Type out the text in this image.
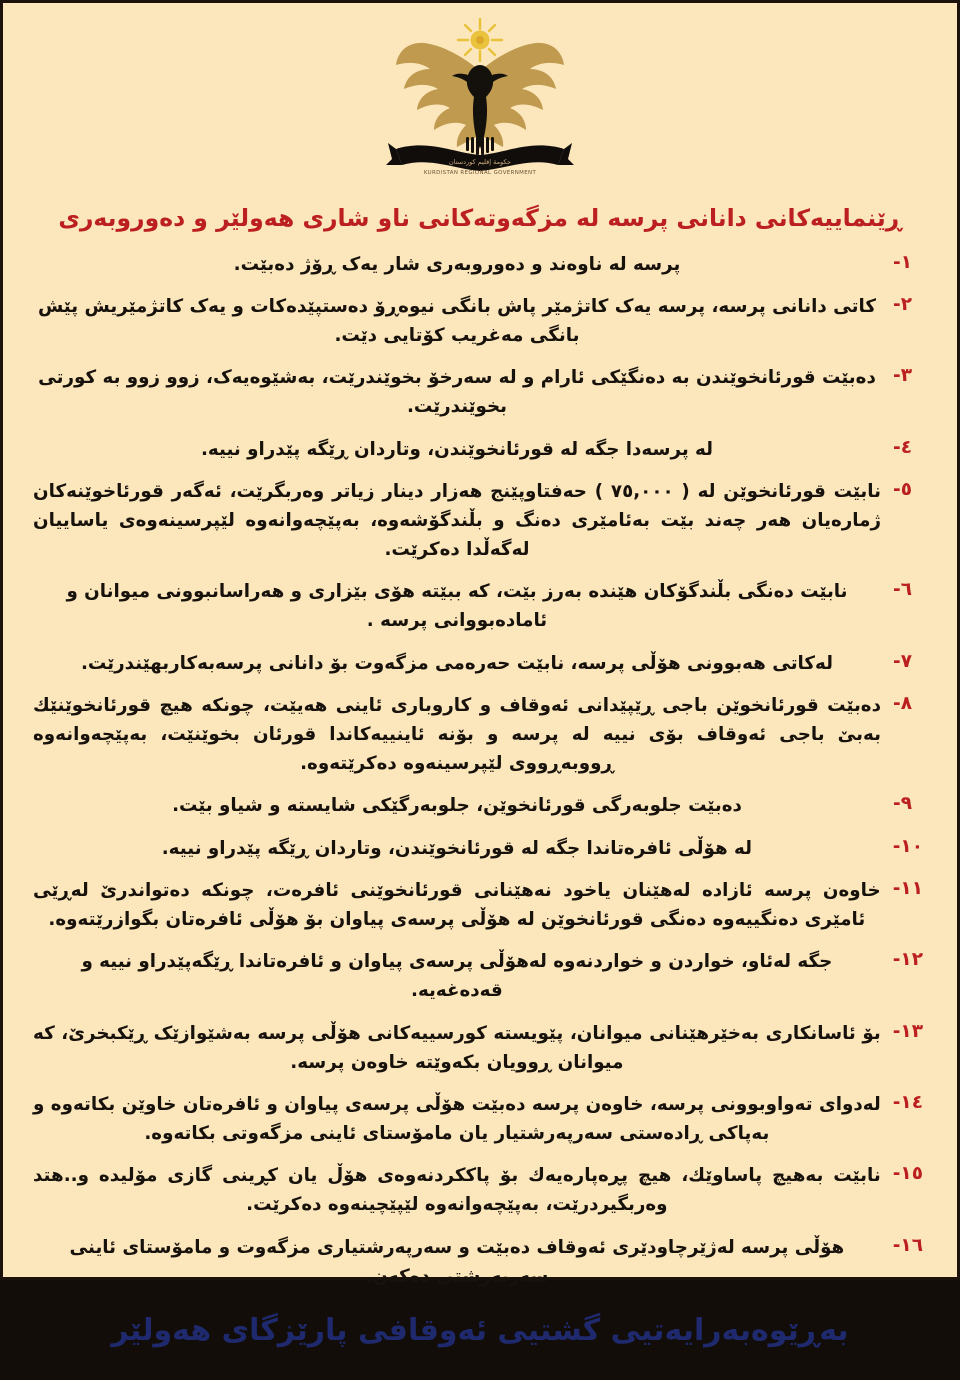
حكومة إقليم كوردستان
KURDISTAN REGIONAL GOVERNMENT
ڕێنماییەکانی دانانی پرسە لە مزگەوتەکانی ناو شاری هەولێر و دەوروبەری
-١
پرسە لە ناوەند و دەوروبەری شار یەک ڕۆژ دەبێت.
-٢
کاتی دانانی پرسە، پرسە یەک کاتژمێر پاش بانگی نیوەڕۆ دەستپێدەکات و یەک کاتژمێریش پێش بانگی مەغریب کۆتایی دێت.
-٣
دەبێت قورئانخوێندن بە دەنگێکی ئارام و لە سەرخۆ بخوێندرێت، بەشێوەیەک، زوو زوو بە کورتی بخوێندرێت.
-٤
لە پرسەدا جگە لە قورئانخوێندن، وتاردان ڕێگە پێدراو نییە.
-٥
نابێت قورئانخوێن لە ( ٧٥,٠٠٠ ) حەفتاوپێنج هەزار دینار زیاتر وەربگرێت، ئەگەر قورئاخوێنەکان ژمارەیان هەر چەند بێت بەئامێری دەنگ و بڵندگۆشەوە، بەپێچەوانەوە لێپرسینەوەی یاساییان لەگەڵدا دەکرێت.
-٦
نابێت دەنگی بڵندگۆکان هێندە بەرز بێت، کە ببێتە هۆی بێزاری و هەراسانبوونی میوانان و ئامادەبووانی پرسە .
-٧
لەکاتی هەبوونی هۆڵی پرسە، نابێت حەرەمی مزگەوت بۆ دانانی پرسەبەکاربهێندرێت.
-٨
دەبێت قورئانخوێن باجی ڕێپێدانی ئەوقاف و کاروباری ئاینی هەیێت، چونکە هیچ قورئانخوێنێك بەبێ باجی ئەوقاف بۆی نییە لە پرسە و بۆنە ئاینییەکاندا قورئان بخوێنێت، بەپێچەوانەوە ڕووبەڕووی لێپرسینەوە دەکرێتەوە.
-٩
دەبێت جلوبەرگی قورئانخوێن، جلوبەرگێکی شایستە و شیاو بێت.
-١٠
لە هۆڵی ئافرەتاندا جگە لە قورئانخوێندن، وتاردان ڕێگە پێدراو نییە.
-١١
خاوەن پرسە ئازادە لەهێنان یاخود نەهێنانی قورئانخوێنی ئافرەت، چونکە دەتواندرێ لەڕێی ئامێری دەنگییەوە دەنگی قورئانخوێن لە هۆڵی پرسەی پیاوان بۆ هۆڵی ئافرەتان بگوازرێتەوە.
-١٢
جگە لەئاو، خواردن و خواردنەوە لەهۆڵی پرسەی پیاوان و ئافرەتاندا ڕێگەپێدراو نییە و قەدەغەیە.
-١٣
بۆ ئاسانکاری بەخێرهێنانی میوانان، پێویستە کورسییەکانی هۆڵی پرسە بەشێوازێک ڕێکبخرێ، کە میوانان ڕوویان بکەوێتە خاوەن پرسە.
-١٤
لەدوای تەواوبوونی پرسە، خاوەن پرسە دەبێت هۆڵی پرسەی پیاوان و ئافرەتان خاوێن بکاتەوە و بەپاکی ڕادەستی سەرپەرشتیار یان مامۆستای ئاینی مزگەوتی بکاتەوە.
-١٥
نابێت بەهیچ پاساوێك، هیچ پڕەپارەیەك بۆ پاککردنەوەی هۆڵ یان کڕینی گازی مۆلیدە و..هتد وەربگیردرێت، بەپێچەوانەوە لێپێچینەوە دەکرێت.
-١٦
هۆڵی پرسە لەژێرچاودێری ئەوقاف دەبێت و سەرپەرشتیاری مزگەوت و مامۆستای ئاینی سەرپەرشتی دەکەن.
بەڕێوەبەرایەتیی گشتیی ئەوقافی پارێزگای هەولێر
